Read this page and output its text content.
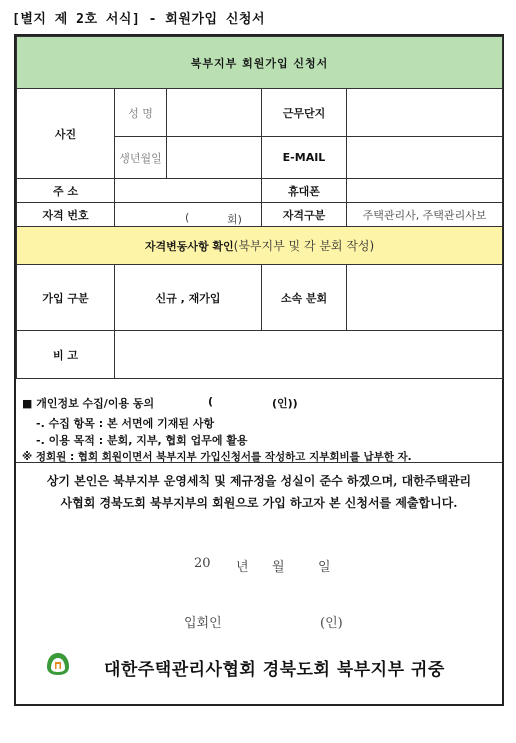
[별지 제 2호 서식] - 회원가입 신청서
북부지부 회원가입 신청서				
사진	성 명		근무단지	
	생년월일		E-MAIL	
주 소			휴대폰	
자격 번호	( 회)		자격구분	주택관리사, 주택관리사보
자격변동사항 확인(북부지부 및 각 분회 작성)				
가입 구분	신규 , 재가입		소속 분회	
비 고				
■ 개인정보 수집/이용 동의	(	(인))
-. 수집 항목 : 본 서면에 기재된 사항
-. 이용 목적 : 분회, 지부, 협회 업무에 활용
※ 정회원 : 협회 회원이면서 북부지부 가입신청서를 작성하고 지부회비를 납부한 자.
상기 본인은 북부지부 운영세칙 및 제규정을 성실이 준수 하겠으며, 대한주택관리
사협회 경북도회 북부지부의 회원으로 가입 하고자 본 신청서를 제출합니다.
20 년 월	일
입회인	(인)
대한주택관리사협회 경북도회 북부지부 귀중
